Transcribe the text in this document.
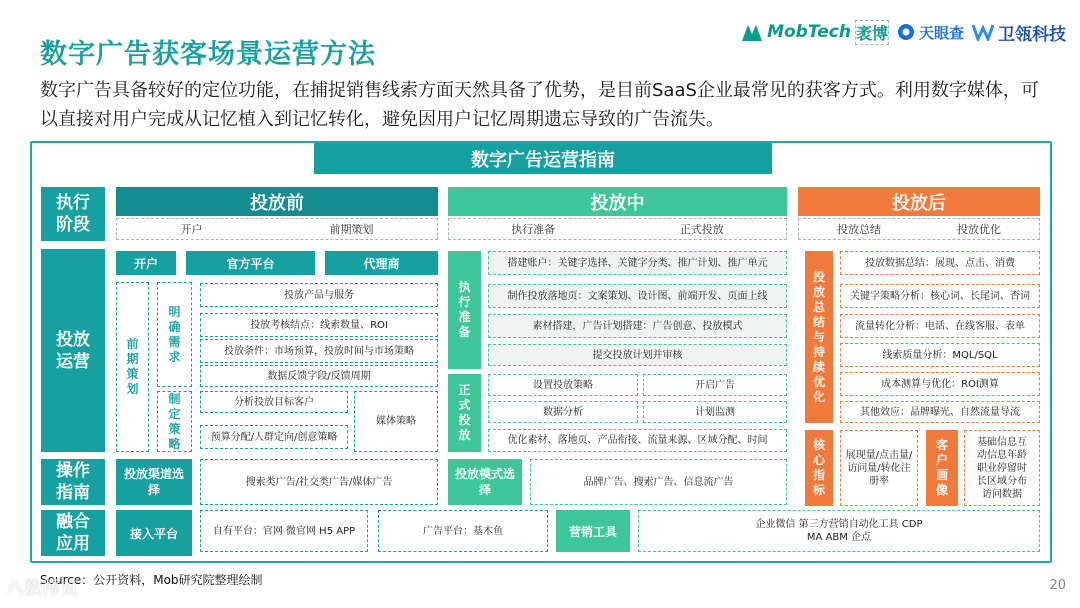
数字广告获客场景运营方法
MobTech 袤博 天眼查 卫瓴科技
数字广告具备较好的定位功能，在捕捉销售线索方面天然具备了优势，是目前SaaS企业最常见的获客方式。利用数字媒体，可以直接对用户完成从记忆植入到记忆转化，避免因用户记忆周期遗忘导致的广告流失。
数字广告运营指南
执行阶段
投放运营
操作指南
融合应用
投放前
开户	前期策划
投放中
执行准备	正式投放
投放后
投放总结	投放优化
开户	官方平台	代理商
前期策划
明确需求
制定策略
投放产品与服务
投放考核结点：线索数量、ROI
投放条件：市场预算，投放时间与市场策略
数据反馈字段/反馈周期
分析投放目标客户
预算分配/人群定向/创意策略
媒体策略
执行准备
搭建账户：关键字选择、关键字分类、推广计划、推广单元
制作投放落地页：文案策划、设计图、前端开发、页面上线
素材搭建，广告计划搭建：广告创意、投放模式
提交投放计划并审核
正式投放
设置投放策略	开启广告
数据分析	计划监测
优化素材、落地页、产品衔接、流量来源、区域分配、时间
投放总结与持续优化
投放数据总结：展现、点击、消费
关键字策略分析：核心词、长尾词、否词
流量转化分析：电话、在线客服、表单
线索质量分析：MQL/SQL
成本测算与优化：ROI测算
其他效应：品牌曝光、自然流量导流
核心指标
展现量/点击量/访问量/转化注册率
客户画像
基础信息互动信息年龄职业停留时长区域分布访问数据
投放渠道选择
搜索类广告/社交类广告/媒体广告
投放模式选择
品牌广告、搜索广告、信息流广告
接入平台	自有平台：官网 微官网 H5 APP	广告平台：基木鱼	营销工具	企业微信 第三方营销自动化工具 CDP MA ABM 企点
Source：公开资料，Mob研究院整理绘制
八数博览	20
